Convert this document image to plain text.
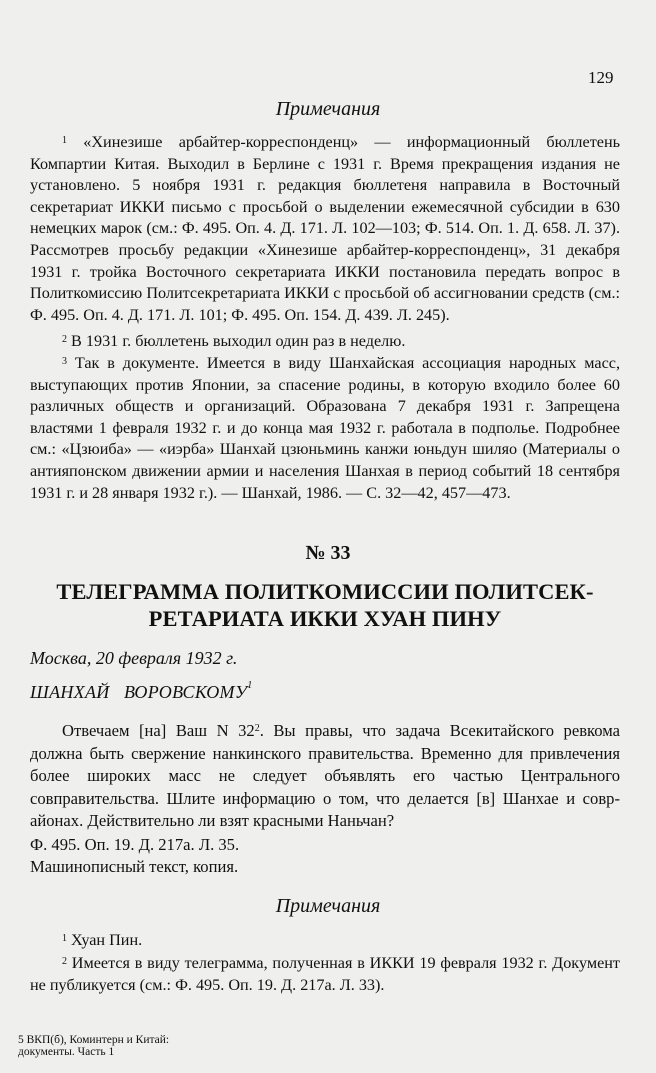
129
Примечания
$^1$ «Хинезише арбайтер-корреспонденц» — информационный бюллетень Компартии Китая. Выходил в Берлине с 1931 г. Время прекращения издания не установлено. 5 ноября 1931 г. редакция бюллетеня направила в Восточный секретариат ИККИ письмо с просьбой о выделении ежемесячной субсидии в 630 немецких марок (см.: Ф. 495. Оп. 4. Д. 171. Л. 102—103; Ф. 514. Оп. 1. Д. 658. Л. 37). Рассмотрев просьбу редакции «Хинезише арбайтер-корреспонденц», 31 декабря 1931 г. тройка Восточного секретариата ИККИ постановила передать вопрос в Политкомиссию Политсекретариата ИККИ с просьбой об ассигновании средств (см.: Ф. 495. Оп. 4. Д. 171. Л. 101; Ф. 495. Оп. 154. Д. 439. Л. 245).
$^2$ В 1931 г. бюллетень выходил один раз в неделю.
$^3$ Так в документе. Имеется в виду Шанхайская ассоциация народных масс, выступающих против Японии, за спасение родины, в которую входило более 60 различных обществ и организаций. Образована 7 декабря 1931 г. Запрещена властями 1 февраля 1932 г. и до конца мая 1932 г. работала в подполье. Подробнее см.: «Цзюиба» — «иэрба» Шанхай цзюньминь канжи юньдун шиляо (Материалы о антияпонском движении армии и населения Шанхая в период событий 18 сентября 1931 г. и 28 января 1932 г.). — Шанхай, 1986. — С. 32—42, 457—473.
№ 33
ТЕЛЕГРАММА ПОЛИТКОМИССИИ ПОЛИТСЕК-
РЕТАРИАТА ИККИ ХУАН ПИНУ
Москва, 20 февраля 1932 г.
ШАНХАЙ   ВОРОВСКОМУ$^1$
Отвечаем [на] Ваш N $32^2$. Вы правы, что задача Всекитайского ревкома должна быть свержение нанкинского правительства. Временно для привлечения более широких масс не следует объявлять его частью Центрального совправительства. Шлите информацию о том, что делается [в] Шанхае и соврайонах. Действительно ли взят красными Наньчан?
Ф. 495. Оп. 19. Д. 217а. Л. 35.
Машинописный текст, копия.
Примечания
$^1$ Хуан Пин.
$^2$ Имеется в виду телеграмма, полученная в ИККИ 19 февраля 1932 г. Документ не публикуется (см.: Ф. 495. Оп. 19. Д. 217а. Л. 33).
5 ВКП(б), Коминтерн и Китай:
документы. Часть 1
